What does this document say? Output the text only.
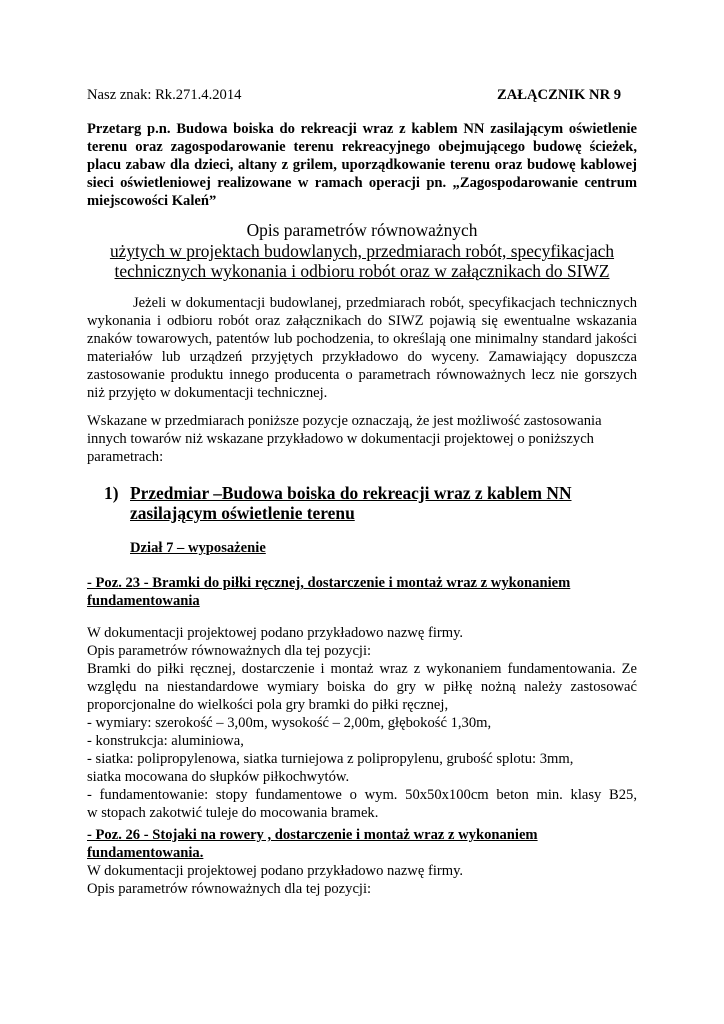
Nasz znak: Rk.271.4.2014	ZAŁĄCZNIK NR 9
Przetarg p.n. Budowa boiska do rekreacji wraz z kablem NN zasilającym oświetlenie
terenu oraz zagospodarowanie terenu rekreacyjnego obejmującego budowę ścieżek,
placu zabaw dla dzieci, altany z grilem, uporządkowanie terenu oraz budowę kablowej
sieci oświetleniowej realizowane w ramach operacji pn. „Zagospodarowanie centrum
miejscowości Kaleń”
Opis parametrów równoważnych
użytych w projektach budowlanych, przedmiarach robót, specyfikacjach
technicznych wykonania i odbioru robót oraz w załącznikach do SIWZ
Jeżeli w dokumentacji budowlanej, przedmiarach robót, specyfikacjach technicznych
wykonania i odbioru robót oraz załącznikach do SIWZ pojawią się ewentualne wskazania
znaków towarowych, patentów lub pochodzenia, to określają one minimalny standard jakości
materiałów lub urządzeń przyjętych przykładowo do wyceny. Zamawiający dopuszcza
zastosowanie produktu innego producenta o parametrach równoważnych lecz nie gorszych
niż przyjęto w dokumentacji technicznej.
Wskazane w przedmiarach poniższe pozycje oznaczają, że jest możliwość zastosowania
innych towarów niż wskazane przykładowo w dokumentacji projektowej o poniższych
parametrach:
1) Przedmiar –Budowa boiska do rekreacji wraz z kablem NN
zasilającym oświetlenie terenu
Dział 7 – wyposażenie
- Poz. 23 - Bramki do piłki ręcznej, dostarczenie i montaż wraz z wykonaniem
fundamentowania
W dokumentacji projektowej podano przykładowo nazwę firmy.
Opis parametrów równoważnych dla tej pozycji:
Bramki do piłki ręcznej, dostarczenie i montaż wraz z wykonaniem fundamentowania. Ze
względu na niestandardowe wymiary boiska do gry w piłkę nożną należy zastosować
proporcjonalne do wielkości pola gry bramki do piłki ręcznej,
- wymiary: szerokość – 3,00m, wysokość – 2,00m, głębokość 1,30m,
- konstrukcja: aluminiowa,
- siatka: polipropylenowa, siatka turniejowa z polipropylenu, grubość splotu: 3mm,
siatka mocowana do słupków piłkochwytów.
- fundamentowanie: stopy fundamentowe o wym. 50x50x100cm beton min. klasy B25,
w stopach zakotwić tuleje do mocowania bramek.
- Poz. 26 - Stojaki na rowery , dostarczenie i montaż wraz z wykonaniem
fundamentowania.
W dokumentacji projektowej podano przykładowo nazwę firmy.
Opis parametrów równoważnych dla tej pozycji:
